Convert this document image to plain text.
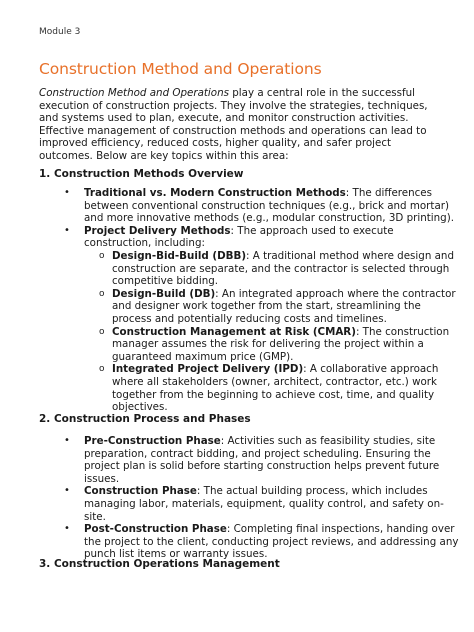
Module 3
Construction Method and Operations
Construction Method and Operations play a central role in the successful execution of construction projects. They involve the strategies, techniques, and systems used to plan, execute, and monitor construction activities. Effective management of construction methods and operations can lead to improved efficiency, reduced costs, higher quality, and safer project outcomes. Below are key topics within this area:
1. Construction Methods Overview
• Traditional vs. Modern Construction Methods: The differences between conventional construction techniques (e.g., brick and mortar) and more innovative methods (e.g., modular construction, 3D printing).
• Project Delivery Methods: The approach used to execute construction, including:
o Design-Bid-Build (DBB): A traditional method where design and construction are separate, and the contractor is selected through competitive bidding.
o Design-Build (DB): An integrated approach where the contractor and designer work together from the start, streamlining the process and potentially reducing costs and timelines.
o Construction Management at Risk (CMAR): The construction manager assumes the risk for delivering the project within a guaranteed maximum price (GMP).
o Integrated Project Delivery (IPD): A collaborative approach where all stakeholders (owner, architect, contractor, etc.) work together from the beginning to achieve cost, time, and quality objectives.
2. Construction Process and Phases
• Pre-Construction Phase: Activities such as feasibility studies, site preparation, contract bidding, and project scheduling. Ensuring the project plan is solid before starting construction helps prevent future issues.
• Construction Phase: The actual building process, which includes managing labor, materials, equipment, quality control, and safety on-site.
• Post-Construction Phase: Completing final inspections, handing over the project to the client, conducting project reviews, and addressing any punch list items or warranty issues.
3. Construction Operations Management
